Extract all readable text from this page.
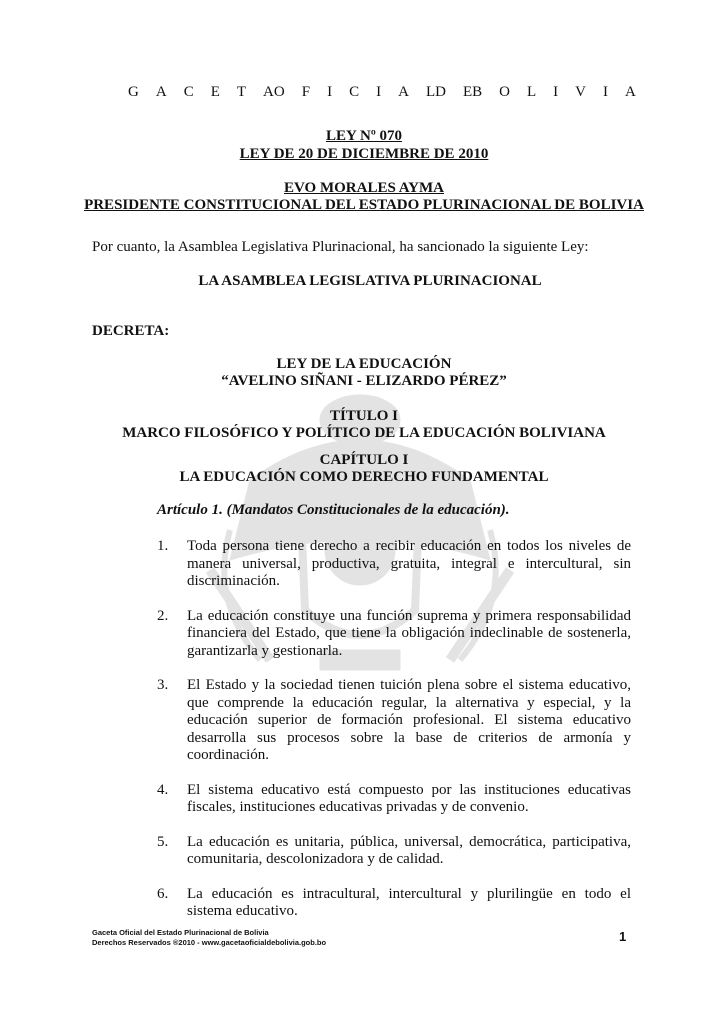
G A C E T A O F I C I A L D E B O L I V I A
LEY Nº 070
LEY DE 20 DE DICIEMBRE DE 2010
EVO MORALES AYMA
PRESIDENTE CONSTITUCIONAL DEL ESTADO PLURINACIONAL DE BOLIVIA
Por cuanto, la Asamblea Legislativa Plurinacional, ha sancionado la siguiente Ley:
LA ASAMBLEA LEGISLATIVA PLURINACIONAL
DECRETA:
LEY DE LA EDUCACIÓN
“AVELINO SIÑANI - ELIZARDO PÉREZ”
TÍTULO I
MARCO FILOSÓFICO Y POLÍTICO DE LA EDUCACIÓN BOLIVIANA
CAPÍTULO I
LA EDUCACIÓN COMO DERECHO FUNDAMENTAL
Artículo 1. (Mandatos Constitucionales de la educación).
1.	Toda persona tiene derecho a recibir educación en todos los niveles de manera universal, productiva, gratuita, integral e intercultural, sin discriminación.
2.	La educación constituye una función suprema y primera responsabilidad financiera del Estado, que tiene la obligación indeclinable de sostenerla, garantizarla y gestionarla.
3.	El Estado y la sociedad tienen tuición plena sobre el sistema educativo, que comprende la educación regular, la alternativa y especial, y la educación superior de formación profesional. El sistema educativo desarrolla sus procesos sobre la base de criterios de armonía y coordinación.
4.	El sistema educativo está compuesto por las instituciones educativas fiscales, instituciones educativas privadas y de convenio.
5.	La educación es unitaria, pública, universal, democrática, participativa, comunitaria, descolonizadora y de calidad.
6.	La educación es intracultural, intercultural y plurilingüe en todo el sistema educativo.
Gaceta Oficial del Estado Plurinacional de Bolivia
Derechos Reservados ®2010 - www.gacetaoficialdebolivia.gob.bo	1
